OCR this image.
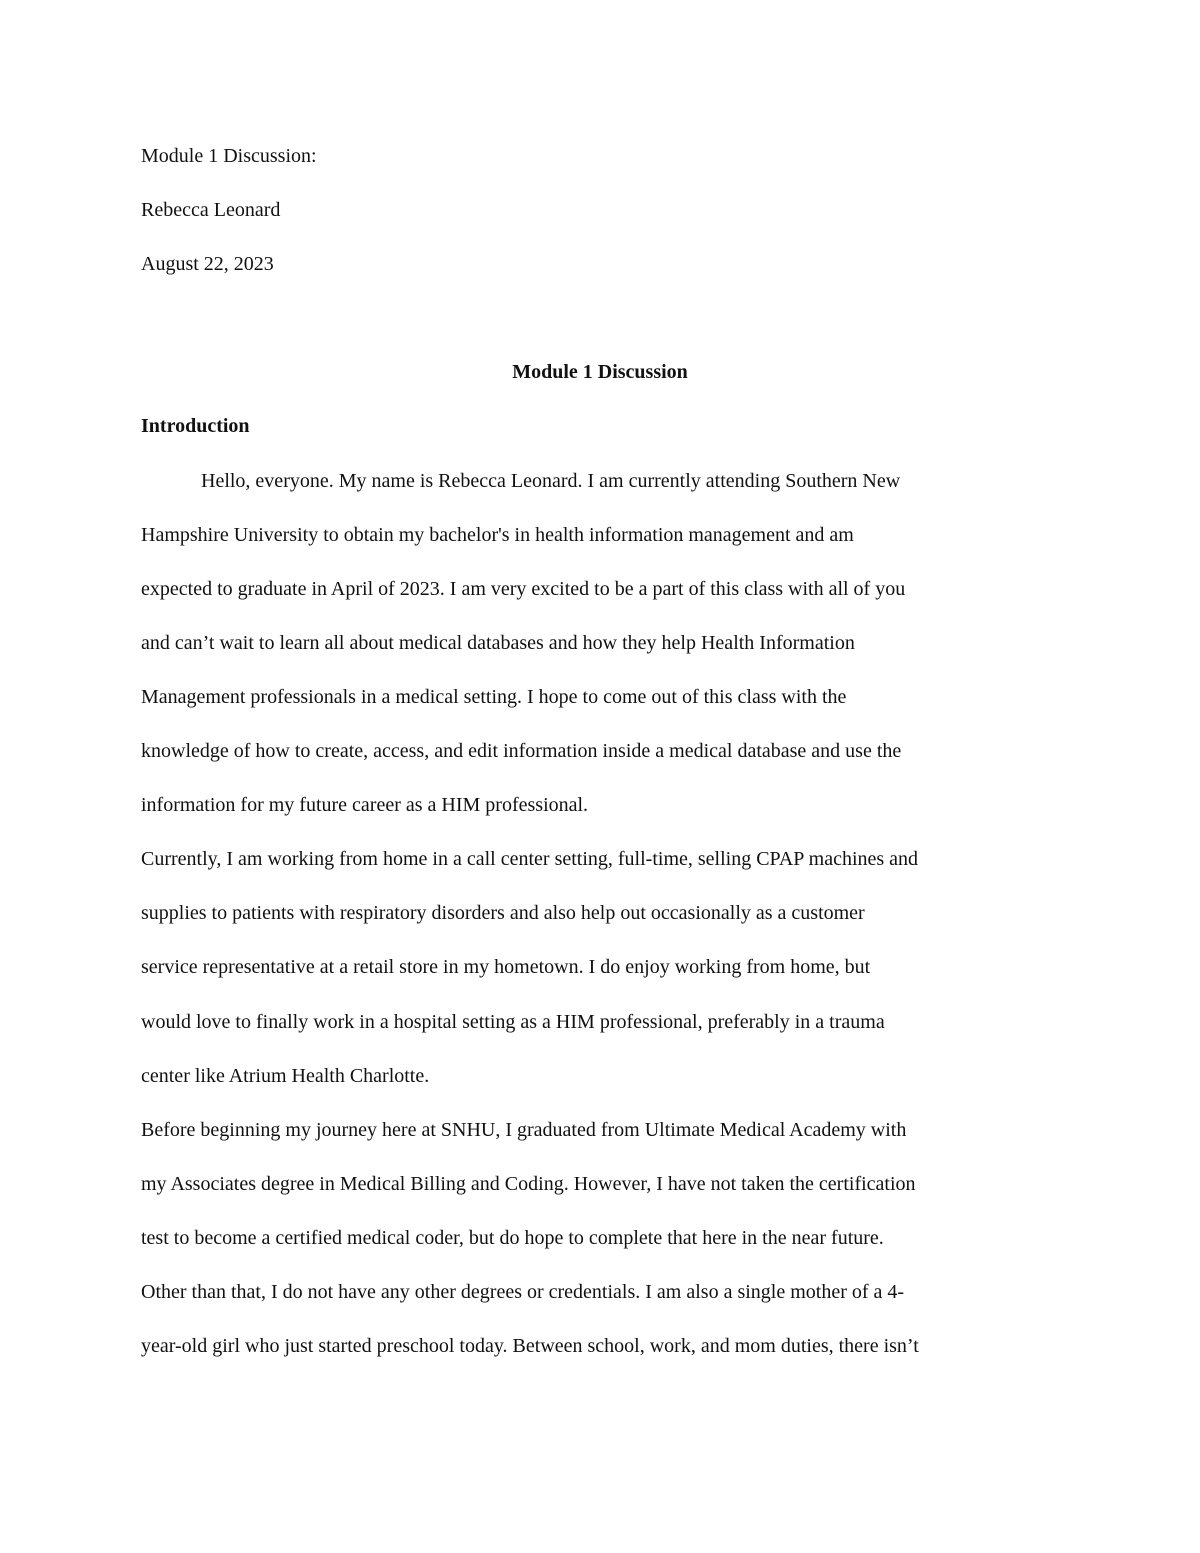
Module 1 Discussion:
Rebecca Leonard
August 22, 2023
Module 1 Discussion
Introduction
Hello, everyone. My name is Rebecca Leonard. I am currently attending Southern New
Hampshire University to obtain my bachelor's in health information management and am
expected to graduate in April of 2023. I am very excited to be a part of this class with all of you
and can’t wait to learn all about medical databases and how they help Health Information
Management professionals in a medical setting. I hope to come out of this class with the
knowledge of how to create, access, and edit information inside a medical database and use the
information for my future career as a HIM professional.
Currently, I am working from home in a call center setting, full-time, selling CPAP machines and
supplies to patients with respiratory disorders and also help out occasionally as a customer
service representative at a retail store in my hometown. I do enjoy working from home, but
would love to finally work in a hospital setting as a HIM professional, preferably in a trauma
center like Atrium Health Charlotte.
Before beginning my journey here at SNHU, I graduated from Ultimate Medical Academy with
my Associates degree in Medical Billing and Coding. However, I have not taken the certification
test to become a certified medical coder, but do hope to complete that here in the near future.
Other than that, I do not have any other degrees or credentials. I am also a single mother of a 4-
year-old girl who just started preschool today. Between school, work, and mom duties, there isn’t
